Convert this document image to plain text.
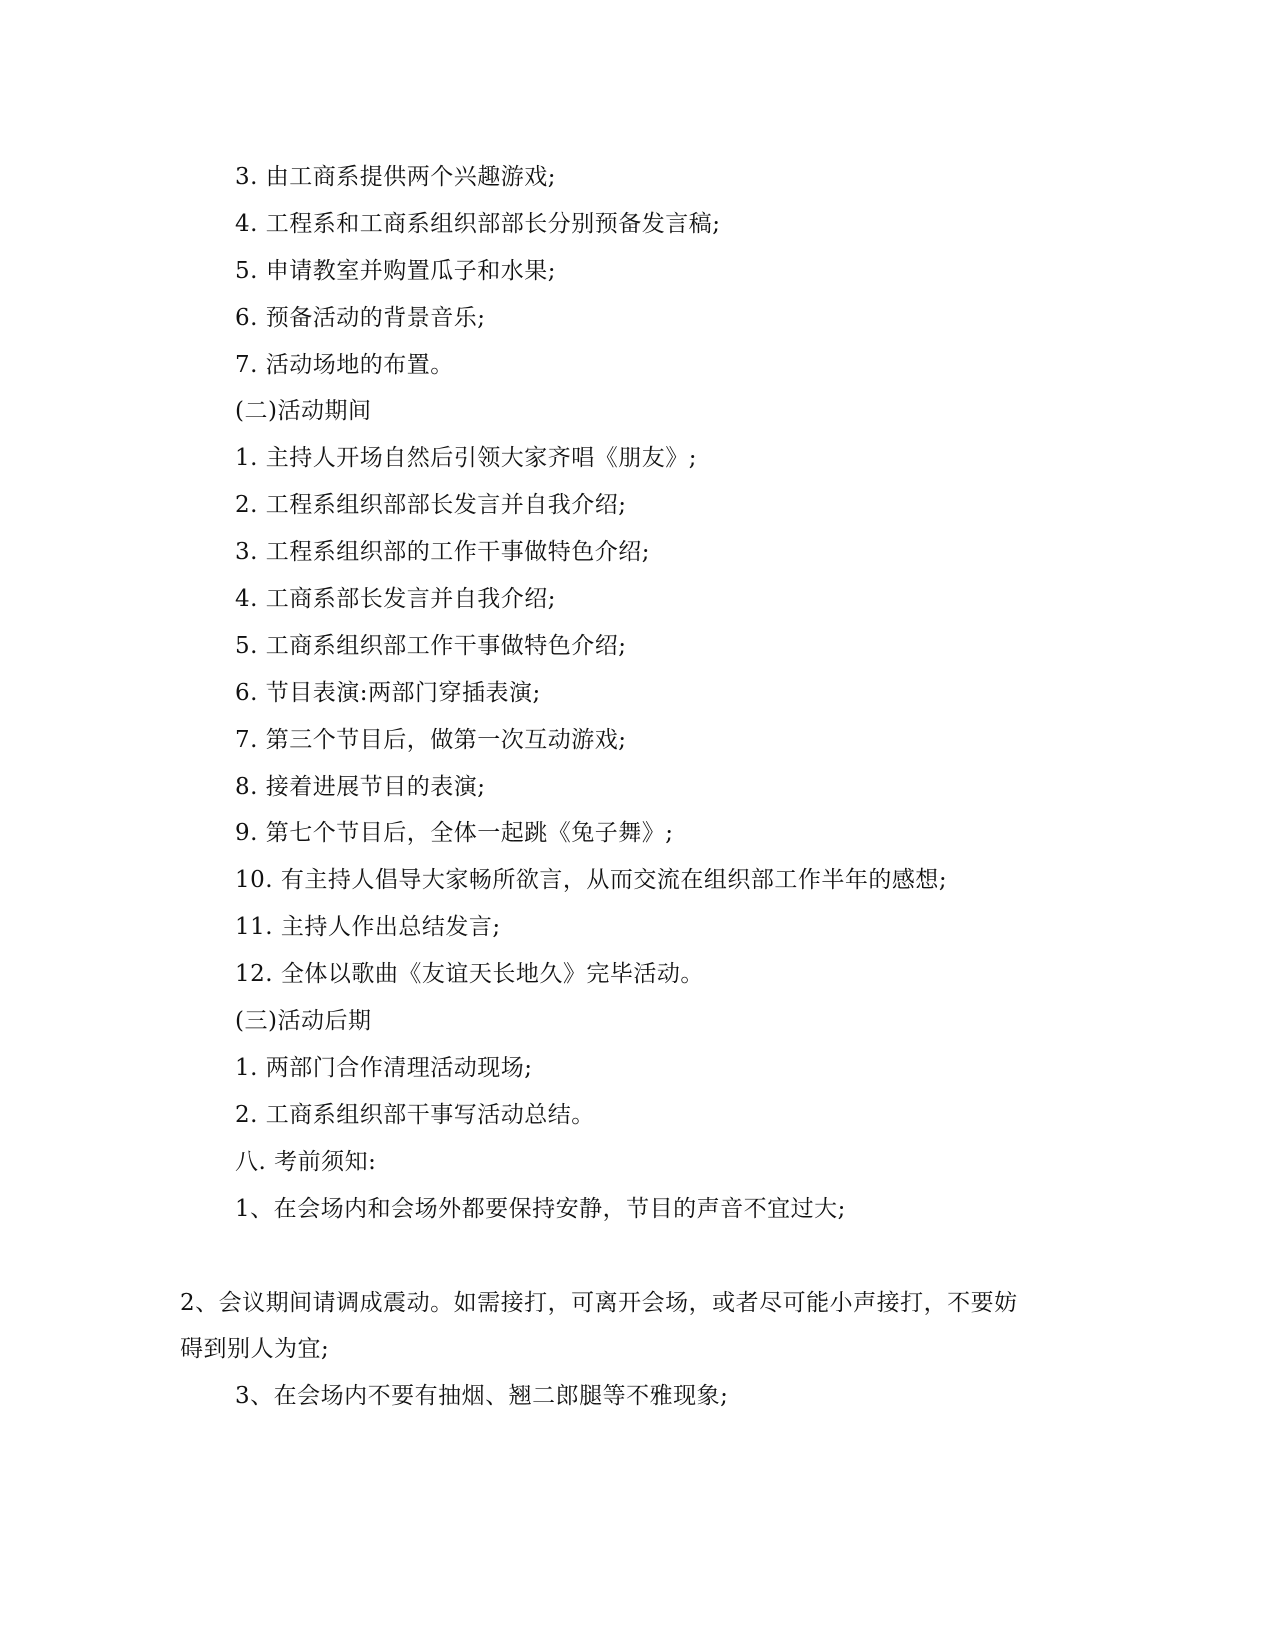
3. 由工商系提供两个兴趣游戏;
4. 工程系和工商系组织部部长分别预备发言稿;
5. 申请教室并购置瓜子和水果;
6. 预备活动的背景音乐;
7. 活动场地的布置。
(二)活动期间
1. 主持人开场自然后引领大家齐唱《朋友》;
2. 工程系组织部部长发言并自我介绍;
3. 工程系组织部的工作干事做特色介绍;
4. 工商系部长发言并自我介绍;
5. 工商系组织部工作干事做特色介绍;
6. 节目表演:两部门穿插表演;
7. 第三个节目后，做第一次互动游戏;
8. 接着进展节目的表演;
9. 第七个节目后，全体一起跳《兔子舞》;
10. 有主持人倡导大家畅所欲言，从而交流在组织部工作半年的感想;
11. 主持人作出总结发言;
12. 全体以歌曲《友谊天长地久》完毕活动。
(三)活动后期
1. 两部门合作清理活动现场;
2. 工商系组织部干事写活动总结。
八. 考前须知:
1、在会场内和会场外都要保持安静，节目的声音不宜过大;
2、会议期间请调成震动。如需接打，可离开会场，或者尽可能小声接打，不要妨
碍到别人为宜;
3、在会场内不要有抽烟、翘二郎腿等不雅现象;
